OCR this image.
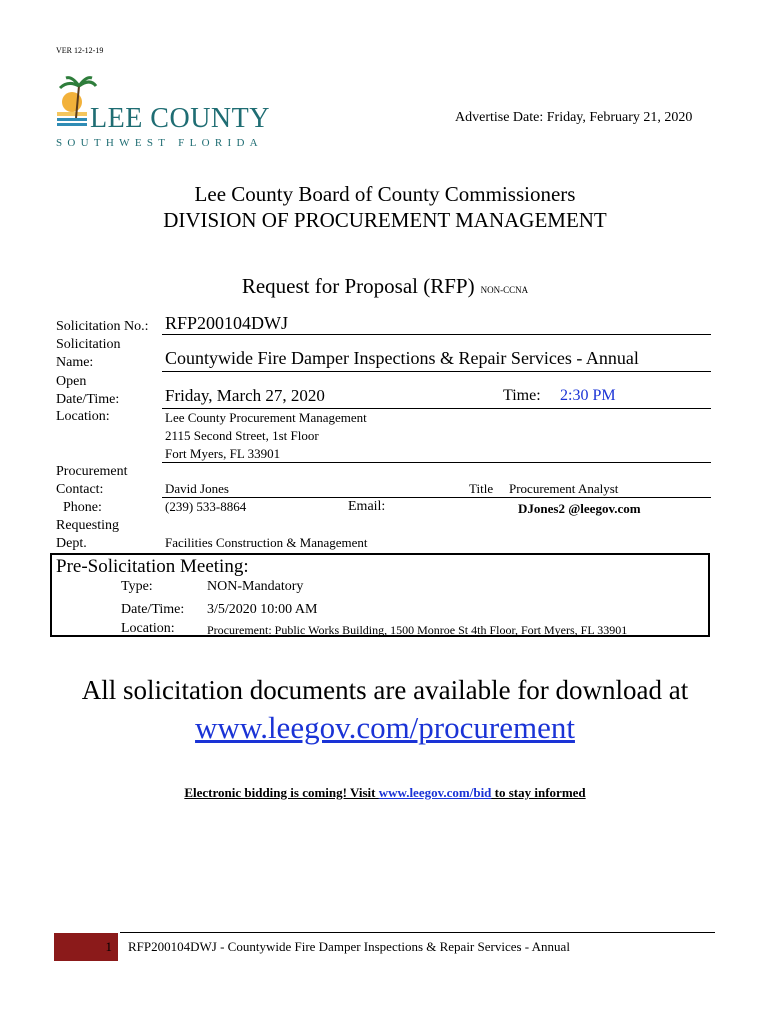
VER 12-12-19
LEE COUNTY
SOUTHWEST FLORIDA
Advertise Date: Friday, February 21, 2020
Lee County Board of County Commissioners
DIVISION OF PROCUREMENT MANAGEMENT
Request for Proposal (RFP) NON-CCNA
Solicitation No.: RFP200104DWJ
Solicitation
Name:	Countywide Fire Damper Inspections & Repair Services - Annual
Open
Date/Time:	Friday, March 27, 2020	Time: 2:30 PM
Location:	Lee County Procurement Management
2115 Second Street, 1st Floor
Fort Myers, FL 33901
Procurement
Contact:	David Jones	Title Procurement Analyst
Phone:	(239) 533-8864	Email:	DJones2 @leegov.com
Requesting
Dept.	Facilities Construction & Management
Pre-Solicitation Meeting:
Type:	NON-Mandatory
Date/Time: 3/5/2020 10:00 AM
Location:	Procurement: Public Works Building, 1500 Monroe St 4th Floor, Fort Myers, FL 33901
All solicitation documents are available for download at
www.leegov.com/procurement
Electronic bidding is coming! Visit www.leegov.com/bid to stay informed
1 RFP200104DWJ - Countywide Fire Damper Inspections & Repair Services - Annual
